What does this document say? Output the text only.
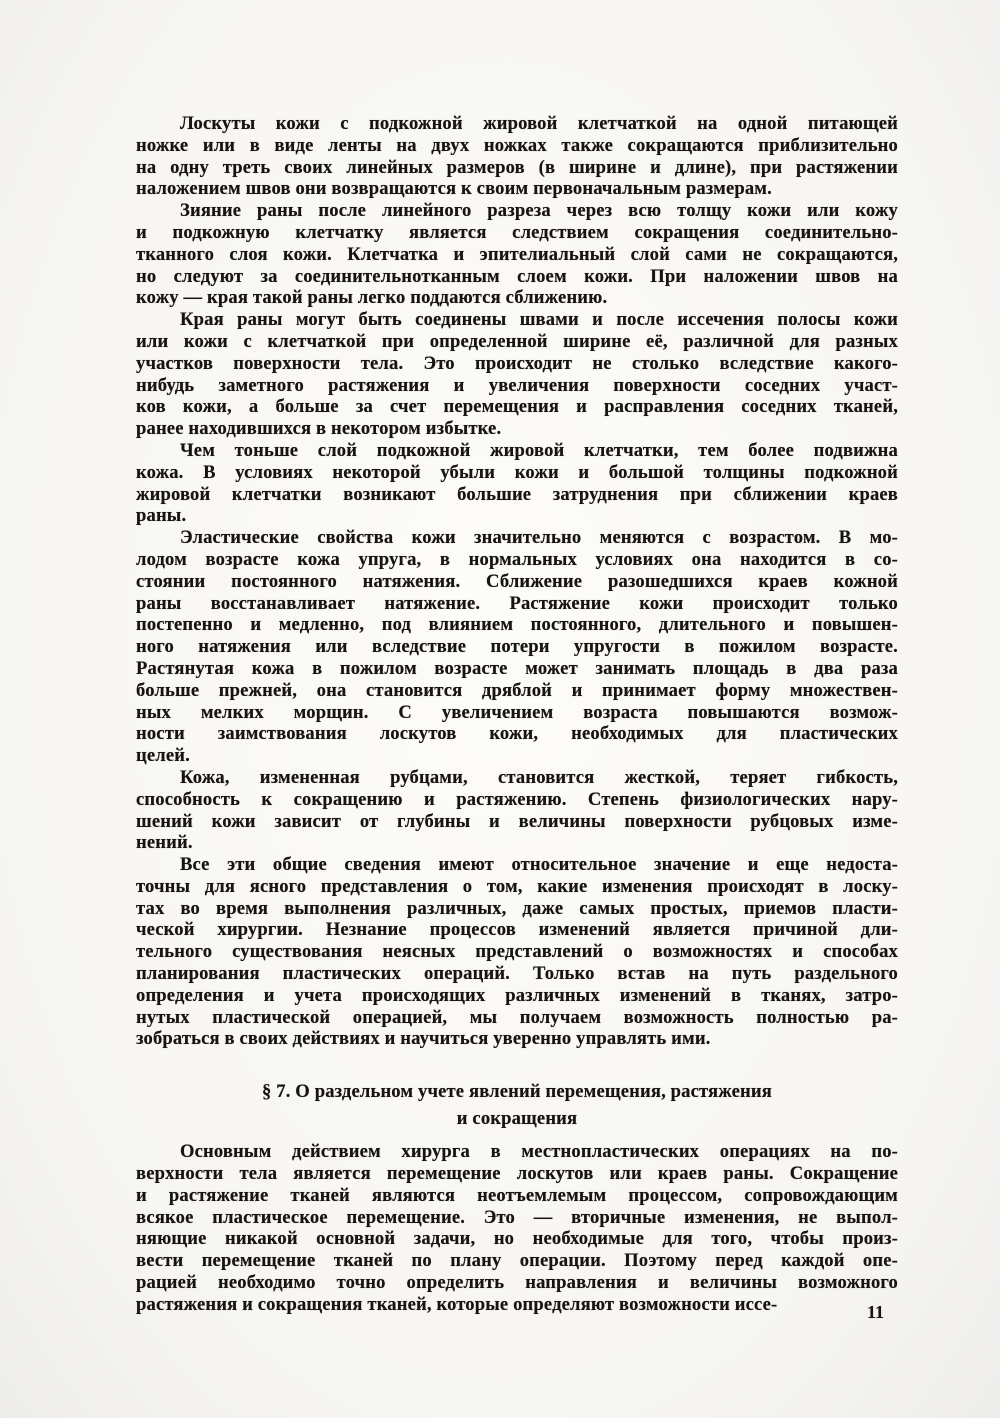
Лоскуты кожи с подкожной жировой клетчаткой на одной питающей
ножке или в виде ленты на двух ножках также сокращаются приблизительно
на одну треть своих линейных размеров (в ширине и длине), при растяжении
наложением швов они возвращаются к своим первоначальным размерам.
Зияние раны после линейного разреза через всю толщу кожи или кожу
и подкожную клетчатку является следствием сокращения соединительно-
тканного слоя кожи. Клетчатка и эпителиальный слой сами не сокращаются,
но следуют за соединительнотканным слоем кожи. При наложении швов на
кожу — края такой раны легко поддаются сближению.
Края раны могут быть соединены швами и после иссечения полосы кожи
или кожи с клетчаткой при определенной ширине её, различной для разных
участков поверхности тела. Это происходит не столько вследствие какого-
нибудь заметного растяжения и увеличения поверхности соседних участ-
ков кожи, а больше за счет перемещения и расправления соседних тканей,
ранее находившихся в некотором избытке.
Чем тоньше слой подкожной жировой клетчатки, тем более подвижна
кожа. В условиях некоторой убыли кожи и большой толщины подкожной
жировой клетчатки возникают большие затруднения при сближении краев
раны.
Эластические свойства кожи значительно меняются с возрастом. В мо-
лодом возрасте кожа упруга, в нормальных условиях она находится в со-
стоянии постоянного натяжения. Сближение разошедшихся краев кожной
раны восстанавливает натяжение. Растяжение кожи происходит только
постепенно и медленно, под влиянием постоянного, длительного и повышен-
ного натяжения или вследствие потери упругости в пожилом возрасте.
Растянутая кожа в пожилом возрасте может занимать площадь в два раза
больше прежней, она становится дряблой и принимает форму множествен-
ных мелких морщин. С увеличением возраста повышаются возмож-
ности заимствования лоскутов кожи, необходимых для пластических
целей.
Кожа, измененная рубцами, становится жесткой, теряет гибкость,
способность к сокращению и растяжению. Степень физиологических нару-
шений кожи зависит от глубины и величины поверхности рубцовых изме-
нений.
Все эти общие сведения имеют относительное значение и еще недоста-
точны для ясного представления о том, какие изменения происходят в лоску-
тах во время выполнения различных, даже самых простых, приемов пласти-
ческой хирургии. Незнание процессов изменений является причиной дли-
тельного существования неясных представлений о возможностях и способах
планирования пластических операций. Только встав на путь раздельного
определения и учета происходящих различных изменений в тканях, затро-
нутых пластической операцией, мы получаем возможность полностью ра-
зобраться в своих действиях и научиться уверенно управлять ими.
§ 7. О раздельном учете явлений перемещения, растяжения
и сокращения
Основным действием хирурга в местнопластических операциях на по-
верхности тела является перемещение лоскутов или краев раны. Сокращение
и растяжение тканей являются неотъемлемым процессом, сопровождающим
всякое пластическое перемещение. Это — вторичные изменения, не выпол-
няющие никакой основной задачи, но необходимые для того, чтобы произ-
вести перемещение тканей по плану операции. Поэтому перед каждой опе-
рацией необходимо точно определить направления и величины возможного
растяжения и сокращения тканей, которые определяют возможности иссе-	11
